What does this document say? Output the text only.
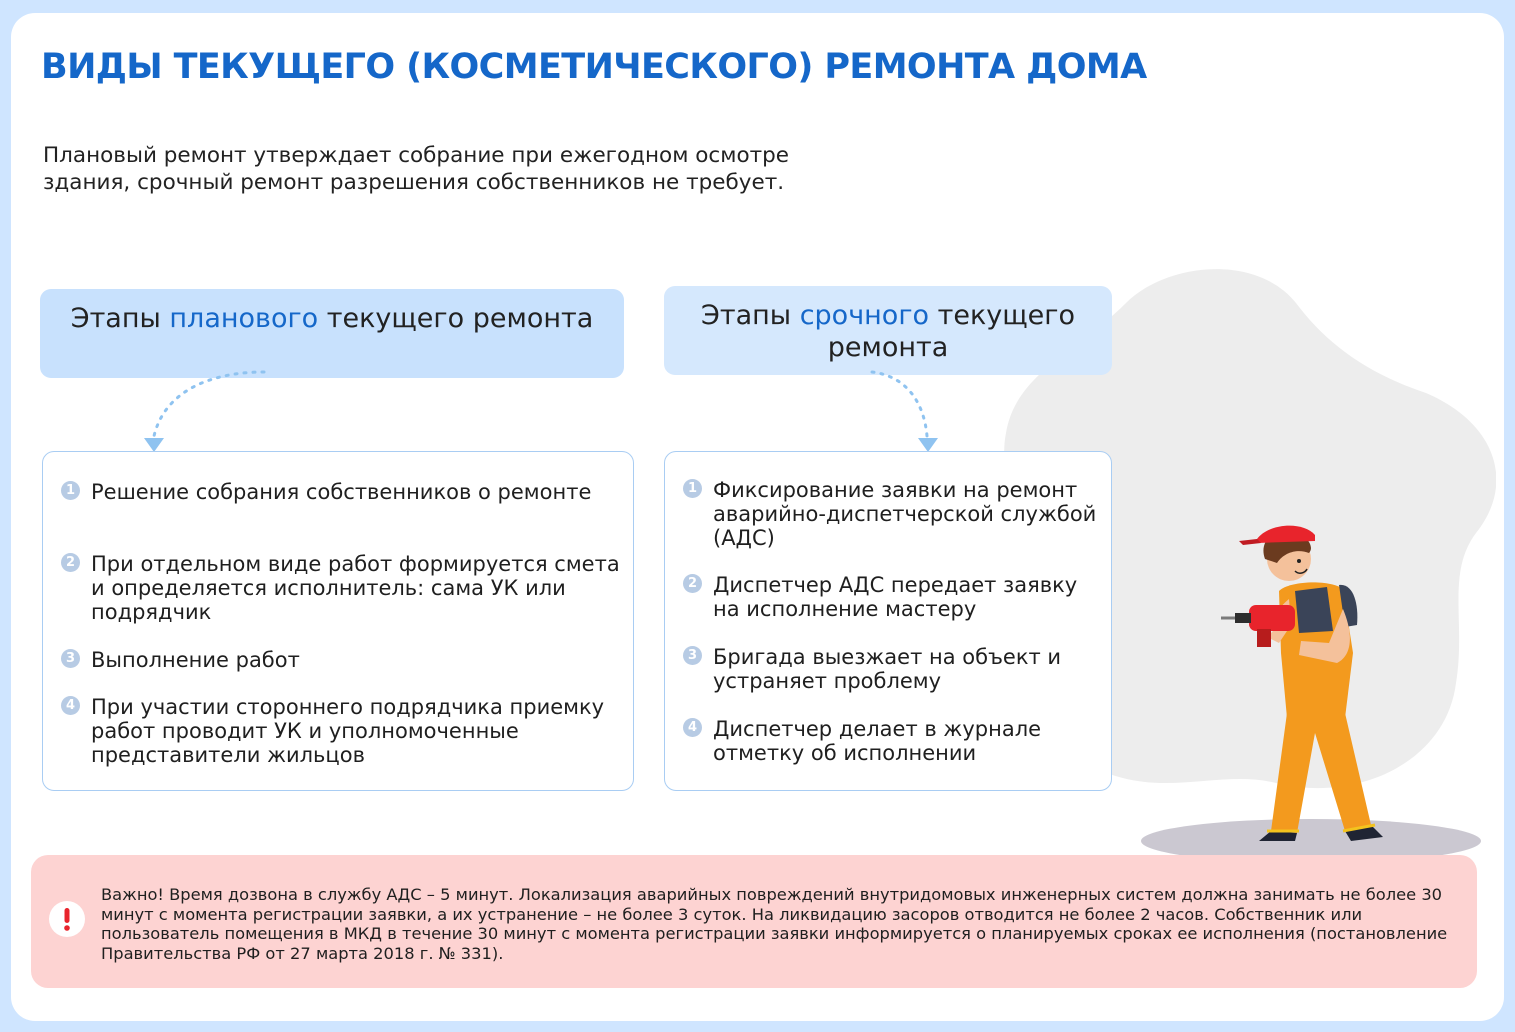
ВИДЫ ТЕКУЩЕГО (КОСМЕТИЧЕСКОГО) РЕМОНТА ДОМА

Плановый ремонт утверждает собрание при ежегодном осмотре здания, срочный ремонт разрешения собственников не требует.

Этапы планового текущего ремонта	Этапы срочного текущего ремонта
1 Решение собрания собственников о ремонте
2 При отдельном виде работ формируется смета и определяется исполнитель: сама УК или подрядчик
3 Выполнение работ
4 При участии стороннего подрядчика приемку работ проводит УК и уполномоченные представители жильцов
1 Фиксирование заявки на ремонт аварийно-диспетчерской службой (АДС)
2 Диспетчер АДС передает заявку на исполнение мастеру
3 Бригада выезжает на объект и устраняет проблему
4 Диспетчер делает в журнале отметку об исполнении

Важно! Время дозвона в службу АДС – 5 минут. Локализация аварийных повреждений внутридомовых инженерных систем должна занимать не более 30 минут с момента регистрации заявки, а их устранение – не более 3 суток. На ликвидацию засоров отводится не более 2 часов. Собственник или пользователь помещения в МКД в течение 30 минут с момента регистрации заявки информируется о планируемых сроках ее исполнения (постановление Правительства РФ от 27 марта 2018 г. № 331).
